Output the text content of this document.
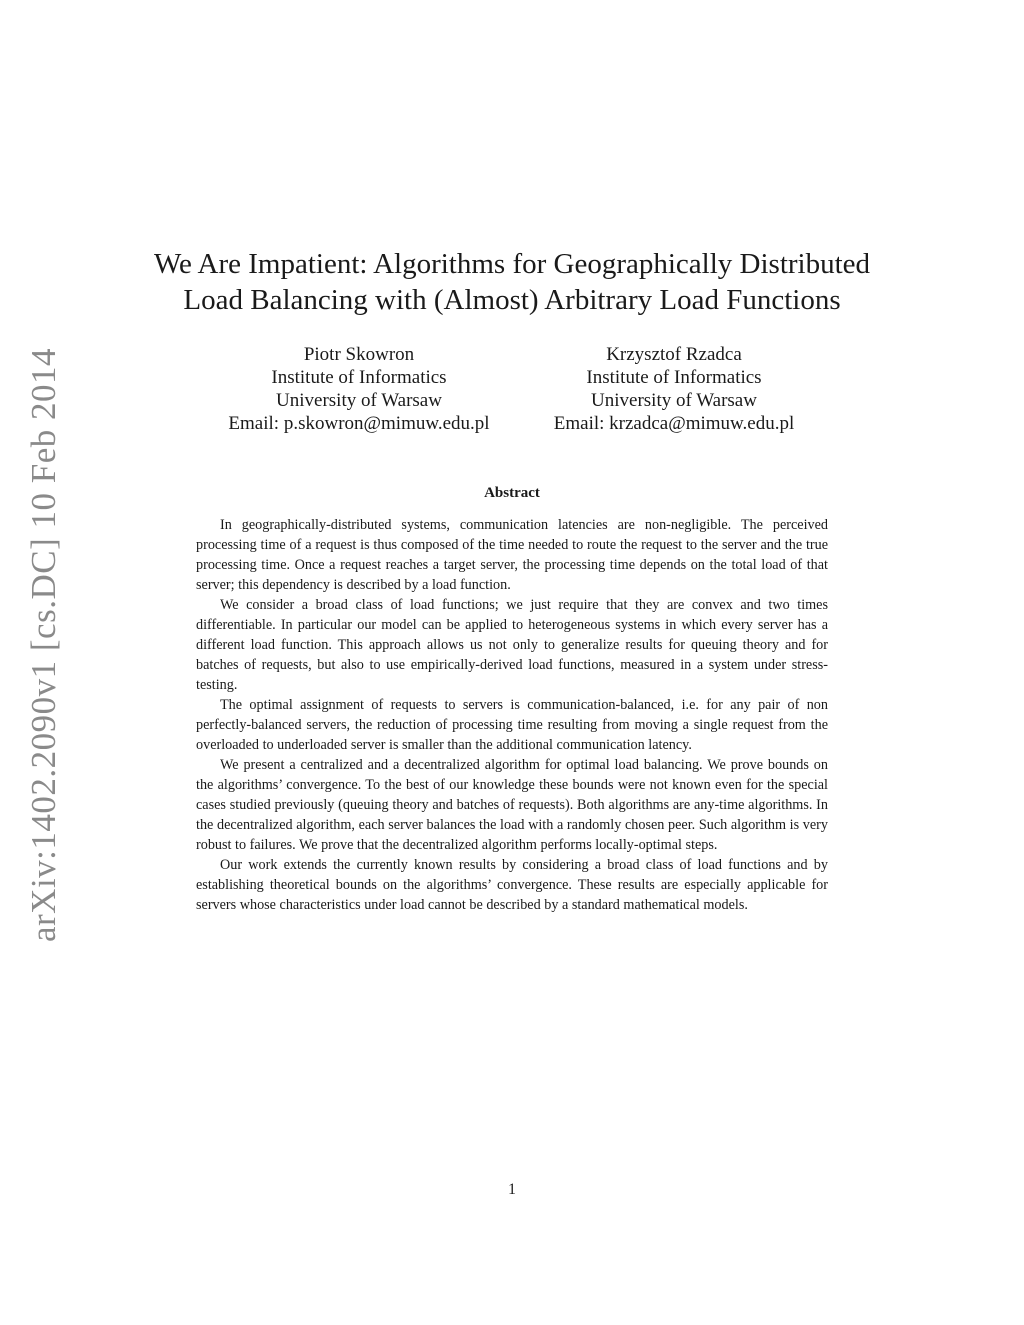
arXiv:1402.2090v1 [cs.DC] 10 Feb 2014
We Are Impatient: Algorithms for Geographically Distributed
Load Balancing with (Almost) Arbitrary Load Functions
Piotr Skowron
Institute of Informatics
University of Warsaw
Email: p.skowron@mimuw.edu.pl
Krzysztof Rzadca
Institute of Informatics
University of Warsaw
Email: krzadca@mimuw.edu.pl
Abstract

In geographically-distributed systems, communication latencies are non-negligible. The perceived processing time of a request is thus composed of the time needed to route the request to the server and the true processing time. Once a request reaches a target server, the processing time depends on the total load of that server; this dependency is described by a load function.

We consider a broad class of load functions; we just require that they are convex and two times differentiable. In particular our model can be applied to heterogeneous systems in which every server has a different load function. This approach allows us not only to generalize results for queuing theory and for batches of requests, but also to use empirically-derived load functions, measured in a system under stress-testing.

The optimal assignment of requests to servers is communication-balanced, i.e. for any pair of non perfectly-balanced servers, the reduction of processing time resulting from moving a single request from the overloaded to underloaded server is smaller than the additional communication latency.

We present a centralized and a decentralized algorithm for optimal load balancing. We prove bounds on the algorithms’ convergence. To the best of our knowledge these bounds were not known even for the special cases studied previously (queuing theory and batches of requests). Both algorithms are any-time algorithms. In the decentralized algorithm, each server balances the load with a randomly chosen peer. Such algorithm is very robust to failures. We prove that the decentralized algorithm performs locally-optimal steps.

Our work extends the currently known results by considering a broad class of load functions and by establishing theoretical bounds on the algorithms’ convergence. These results are especially applicable for servers whose characteristics under load cannot be described by a standard mathematical models.

1
